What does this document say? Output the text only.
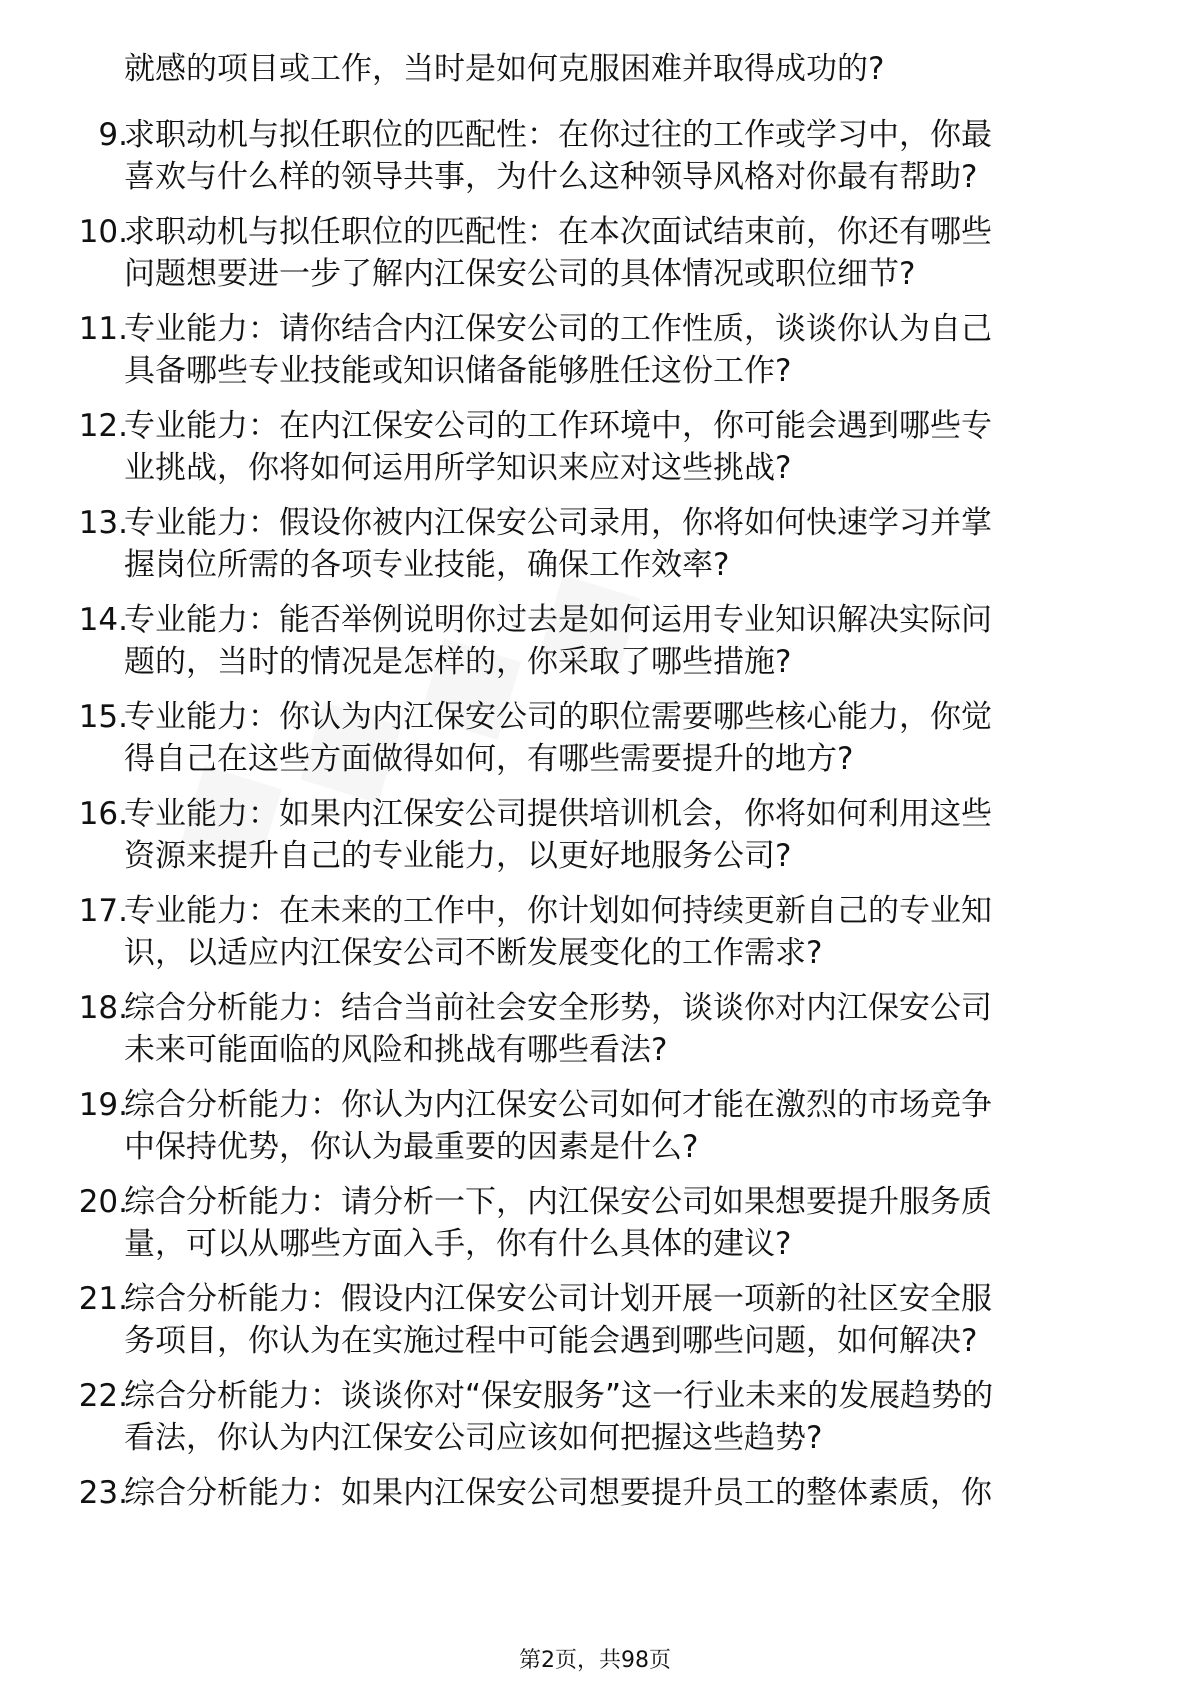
就感的项目或工作，当时是如何克服困难并取得成功的?
9.
求职动机与拟任职位的匹配性：在你过往的工作或学习中，你最
喜欢与什么样的领导共事，为什么这种领导风格对你最有帮助?
10.
求职动机与拟任职位的匹配性：在本次面试结束前，你还有哪些
问题想要进一步了解内江保安公司的具体情况或职位细节?
11.
专业能力：请你结合内江保安公司的工作性质，谈谈你认为自己
具备哪些专业技能或知识储备能够胜任这份工作?
12.
专业能力：在内江保安公司的工作环境中，你可能会遇到哪些专
业挑战，你将如何运用所学知识来应对这些挑战?
13.
专业能力：假设你被内江保安公司录用，你将如何快速学习并掌
握岗位所需的各项专业技能，确保工作效率?
14.
专业能力：能否举例说明你过去是如何运用专业知识解决实际问
题的，当时的情况是怎样的，你采取了哪些措施?
15.
专业能力：你认为内江保安公司的职位需要哪些核心能力，你觉
得自己在这些方面做得如何，有哪些需要提升的地方?
16.
专业能力：如果内江保安公司提供培训机会，你将如何利用这些
资源来提升自己的专业能力，以更好地服务公司?
17.
专业能力：在未来的工作中，你计划如何持续更新自己的专业知
识，以适应内江保安公司不断发展变化的工作需求?
18.
综合分析能力：结合当前社会安全形势，谈谈你对内江保安公司
未来可能面临的风险和挑战有哪些看法?
19.
综合分析能力：你认为内江保安公司如何才能在激烈的市场竞争
中保持优势，你认为最重要的因素是什么?
20.
综合分析能力：请分析一下，内江保安公司如果想要提升服务质
量，可以从哪些方面入手，你有什么具体的建议?
21.
综合分析能力：假设内江保安公司计划开展一项新的社区安全服
务项目，你认为在实施过程中可能会遇到哪些问题，如何解决?
22.
综合分析能力：谈谈你对“保安服务”这一行业未来的发展趋势的
看法，你认为内江保安公司应该如何把握这些趋势?
23.
综合分析能力：如果内江保安公司想要提升员工的整体素质，你
第2页，共98页
